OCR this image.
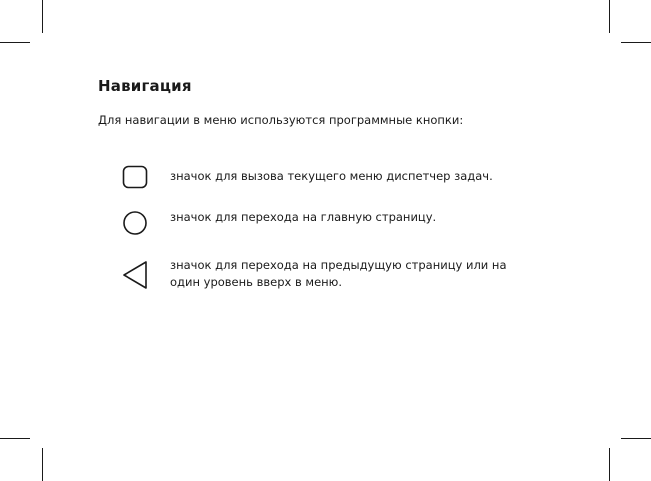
Навигация

Для навигации в меню используются программные кнопки:

значок для вызова текущего меню диспетчер задач.
значок для перехода на главную страницу.
значок для перехода на предыдущую страницу или на
один уровень вверх в меню.
